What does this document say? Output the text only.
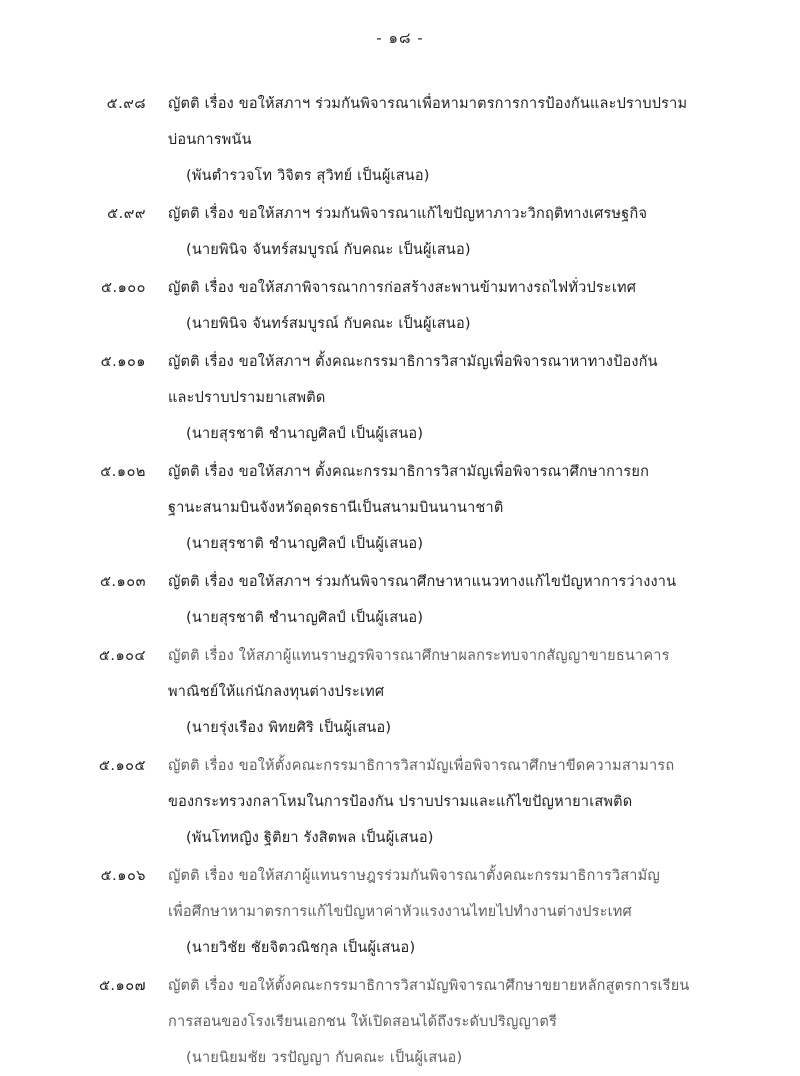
- ๑๘ -
๕.๙๘ ญัตติ เรื่อง ขอให้สภาฯ ร่วมกันพิจารณาเพื่อหามาตรการการป้องกันและปราบปราม
บ่อนการพนัน
(พันตำรวจโท วิจิตร สุวิทย์ เป็นผู้เสนอ)
๕.๙๙ ญัตติ เรื่อง ขอให้สภาฯ ร่วมกันพิจารณาแก้ไขปัญหาภาวะวิกฤติทางเศรษฐกิจ
(นายพินิจ จันทร์สมบูรณ์ กับคณะ เป็นผู้เสนอ)
๕.๑๐๐ ญัตติ เรื่อง ขอให้สภาพิจารณาการก่อสร้างสะพานข้ามทางรถไฟทั่วประเทศ
(นายพินิจ จันทร์สมบูรณ์ กับคณะ เป็นผู้เสนอ)
๕.๑๐๑ ญัตติ เรื่อง ขอให้สภาฯ ตั้งคณะกรรมาธิการวิสามัญเพื่อพิจารณาหาทางป้องกัน
และปราบปรามยาเสพติด
(นายสุรชาติ ชำนาญศิลป์ เป็นผู้เสนอ)
๕.๑๐๒ ญัตติ เรื่อง ขอให้สภาฯ ตั้งคณะกรรมาธิการวิสามัญเพื่อพิจารณาศึกษาการยก
ฐานะสนามบินจังหวัดอุดรธานีเป็นสนามบินนานาชาติ
(นายสุรชาติ ชำนาญศิลป์ เป็นผู้เสนอ)
๕.๑๐๓ ญัตติ เรื่อง ขอให้สภาฯ ร่วมกันพิจารณาศึกษาหาแนวทางแก้ไขปัญหาการว่างงาน
(นายสุรชาติ ชำนาญศิลป์ เป็นผู้เสนอ)
๕.๑๐๔ ญัตติ เรื่อง ให้สภาผู้แทนราษฎรพิจารณาศึกษาผลกระทบจากสัญญาขายธนาคาร
พาณิชย์ให้แก่นักลงทุนต่างประเทศ
(นายรุ่งเรือง พิทยศิริ เป็นผู้เสนอ)
๕.๑๐๕ ญัตติ เรื่อง ขอให้ตั้งคณะกรรมาธิการวิสามัญเพื่อพิจารณาศึกษาขีดความสามารถ
ของกระทรวงกลาโหมในการป้องกัน ปราบปรามและแก้ไขปัญหายาเสพติด
(พันโทหญิง ฐิติยา รังสิตพล เป็นผู้เสนอ)
๕.๑๐๖ ญัตติ เรื่อง ขอให้สภาผู้แทนราษฎรร่วมกันพิจารณาตั้งคณะกรรมาธิการวิสามัญ
เพื่อศึกษาหามาตรการแก้ไขปัญหาค่าหัวแรงงานไทยไปทำงานต่างประเทศ
(นายวิชัย ชัยจิตวณิชกุล เป็นผู้เสนอ)
๕.๑๐๗ ญัตติ เรื่อง ขอให้ตั้งคณะกรรมาธิการวิสามัญพิจารณาศึกษาขยายหลักสูตรการเรียน
การสอนของโรงเรียนเอกชน ให้เปิดสอนได้ถึงระดับปริญญาตรี
(นายนิยมชัย วรปัญญา กับคณะ เป็นผู้เสนอ)
